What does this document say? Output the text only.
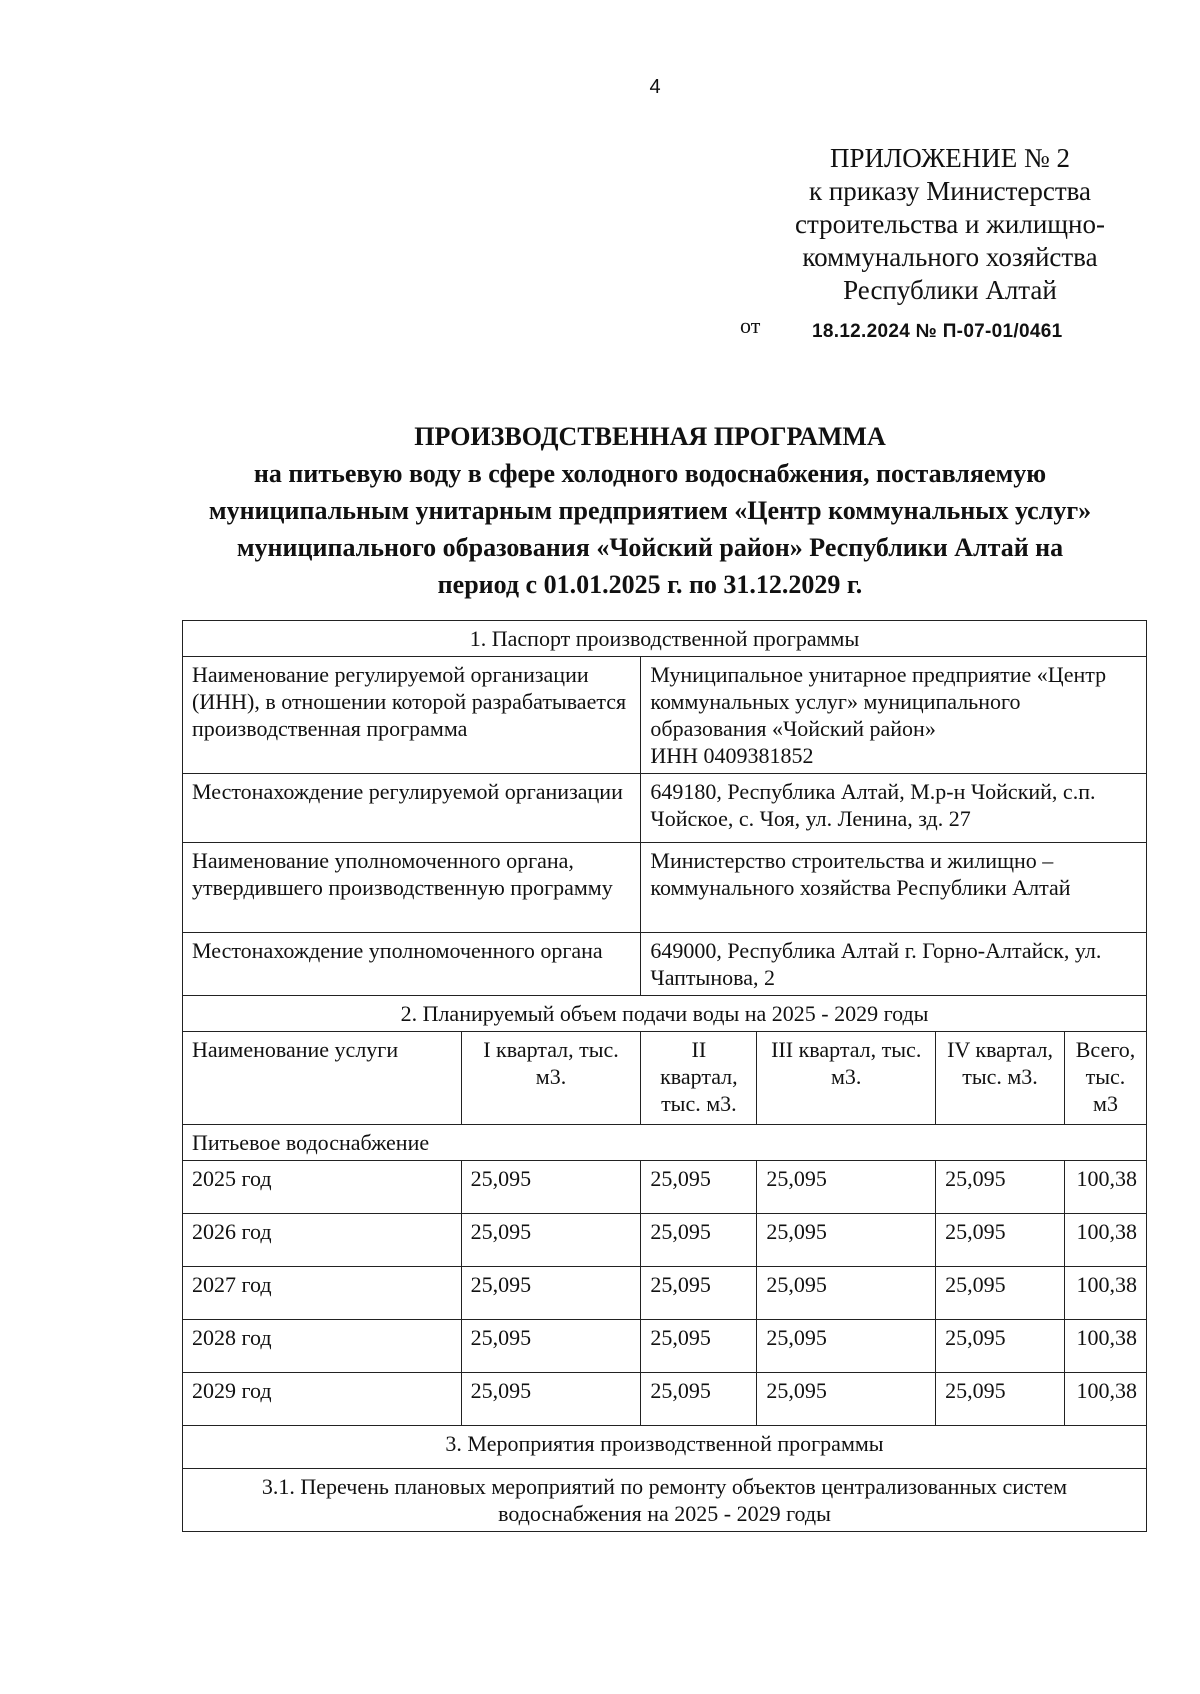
4
ПРИЛОЖЕНИЕ № 2
к приказу Министерства
строительства и жилищно-
коммунального хозяйства
Республики Алтай
от	18.12.2024 № П-07-01/0461
ПРОИЗВОДСТВЕННАЯ ПРОГРАММА
на питьевую воду в сфере холодного водоснабжения, поставляемую
муниципальным унитарным предприятием «Центр коммунальных услуг»
муниципального образования «Чойский район» Республики Алтай на
период с 01.01.2025 г. по 31.12.2029 г.
1. Паспорт производственной программы					
Наименование регулируемой организации (ИНН), в отношении которой разрабатывается производственная программа		Муниципальное унитарное предприятие «Центр коммунальных услуг» муниципального образования «Чойский район»
ИНН 0409381852			

Местонахождение регулируемой организации		649180, Республика Алтай, М.р-н Чойский, с.п. Чойское, с. Чоя, ул. Ленина, зд. 27			
Наименование уполномоченного органа, утвердившего производственную программу		Министерство строительства и жилищно – коммунального хозяйства Республики Алтай			
Местонахождение уполномоченного органа		649000, Республика Алтай г. Горно-Алтайск, ул. Чаптынова, 2			
2. Планируемый объем подачи воды на 2025 - 2029 годы					
Наименование услуги	I квартал, тыс. м3.	II квартал, тыс. м3.	III квартал, тыс. м3.	IV квартал, тыс. м3.	Всего, тыс. м3
Питьевое водоснабжение					
2025 год	25,095	25,095	25,095	25,095	100,38
2026 год	25,095	25,095	25,095	25,095	100,38
2027 год	25,095	25,095	25,095	25,095	100,38
2028 год	25,095	25,095	25,095	25,095	100,38
2029 год	25,095	25,095	25,095	25,095	100,38
3. Мероприятия производственной программы					
3.1. Перечень плановых мероприятий по ремонту объектов централизованных систем водоснабжения на 2025 - 2029 годы					
